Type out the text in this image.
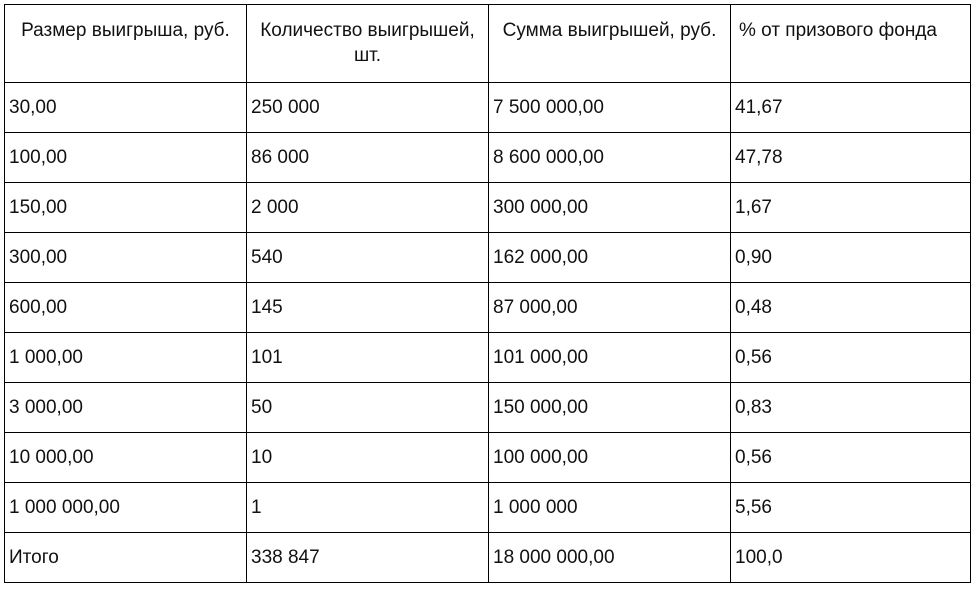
Размер выигрыша, руб.	Количество выигрышей, шт.	Сумма выигрышей, руб.	% от призового фонда
30,00	250 000	7 500 000,00	41,67
100,00	86 000	8 600 000,00	47,78
150,00	2 000	300 000,00	1,67
300,00	540	162 000,00	0,90
600,00	145	87 000,00	0,48
1 000,00	101	101 000,00	0,56
3 000,00	50	150 000,00	0,83
10 000,00	10	100 000,00	0,56
1 000 000,00	1	1 000 000	5,56
Итого	338 847	18 000 000,00	100,0
